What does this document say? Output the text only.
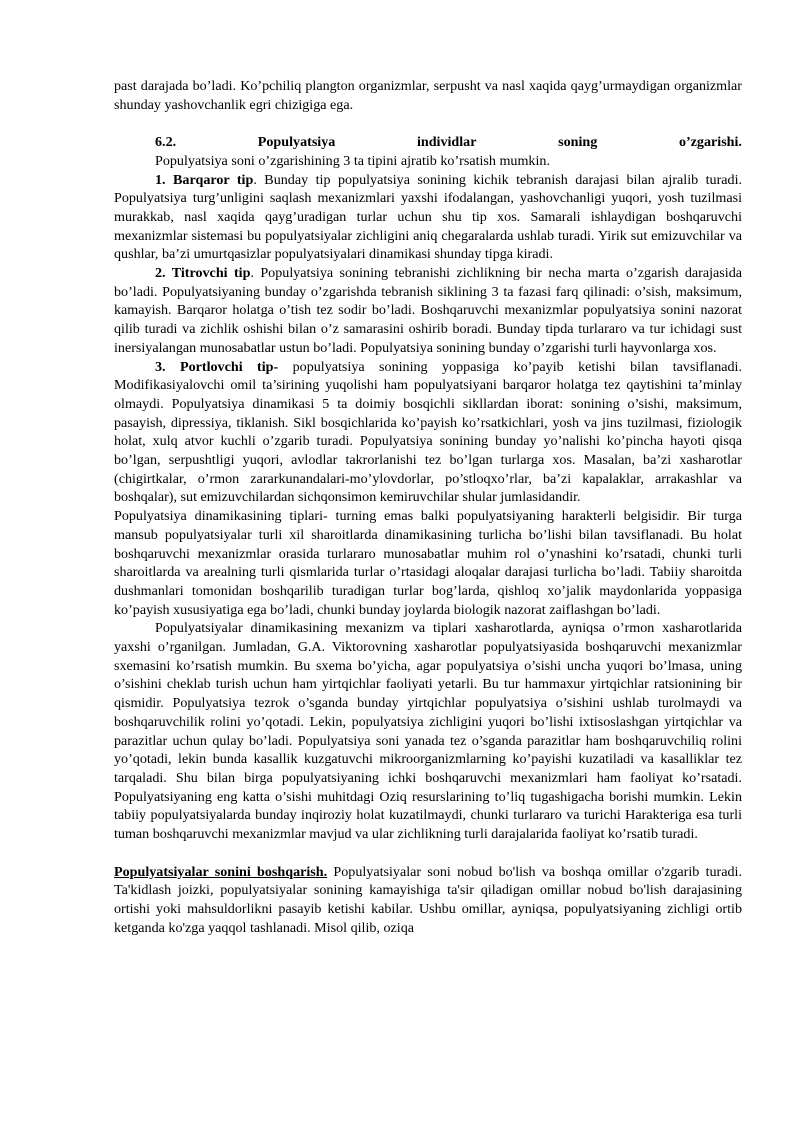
past darajada bo’ladi. Ko’pchiliq plangton organizmlar, serpusht va nasl xaqida qayg’urmaydigan organizmlar shunday yashovchanlik egri chizigiga ega.

6.2.	Populyatsiya	individlar	soning	o’zgarishi.

Populyatsiya soni o’zgarishining 3 ta tipini ajratib ko’rsatish mumkin.

1. Barqaror tip. Bunday tip populyatsiya sonining kichik tebranish darajasi bilan ajralib turadi. Populyatsiya turg’unligini saqlash mexanizmlari yaxshi ifodalangan, yashovchanligi yuqori, yosh tuzilmasi murakkab, nasl xaqida qayg’uradigan turlar uchun shu tip xos. Samarali ishlaydigan boshqaruvchi mexanizmlar sistemasi bu populyatsiyalar zichligini aniq chegaralarda ushlab turadi. Yirik sut emizuvchilar va qushlar, ba’zi umurtqasizlar populyatsiyalari dinamikasi shunday tipga kiradi.

2. Titrovchi tip. Populyatsiya sonining tebranishi zichlikning bir necha marta o’zgarish darajasida bo’ladi. Populyatsiyaning bunday o’zgarishda tebranish siklining 3 ta fazasi farq qilinadi: o’sish, maksimum, kamayish. Barqaror holatga o’tish tez sodir bo’ladi. Boshqaruvchi mexanizmlar populyatsiya sonini nazorat qilib turadi va zichlik oshishi bilan o’z samarasini oshirib boradi. Bunday tipda turlararo va tur ichidagi sust inersiyalangan munosabatlar ustun bo’ladi. Populyatsiya sonining bunday o’zgarishi turli hayvonlarga xos.

3. Portlovchi tip- populyatsiya sonining yoppasiga ko’payib ketishi bilan tavsiflanadi. Modifikasiyalovchi omil ta’sirining yuqolishi ham populyatsiyani barqaror holatga tez qaytishini ta’minlay olmaydi. Populyatsiya dinamikasi 5 ta doimiy bosqichli sikllardan iborat: sonining o’sishi, maksimum, pasayish, dipressiya, tiklanish. Sikl bosqichlarida ko’payish ko’rsatkichlari, yosh va jins tuzilmasi, fiziologik holat, xulq atvor kuchli o’zgarib turadi. Populyatsiya sonining bunday yo’nalishi ko’pincha hayoti qisqa bo’lgan, serpushtligi yuqori, avlodlar takrorlanishi tez bo’lgan turlarga xos. Masalan, ba’zi xasharotlar (chigirtkalar, o’rmon zararkunandalari-mo’ylovdorlar, po’stloqxo’rlar, ba’zi kapalaklar, arrakashlar va boshqalar), sut emizuvchilardan sichqonsimon kemiruvchilar shular jumlasidandir.

Populyatsiya dinamikasining tiplari- turning emas balki populyatsiyaning harakterli belgisidir. Bir turga mansub populyatsiyalar turli xil sharoitlarda dinamikasining turlicha bo’lishi bilan tavsiflanadi. Bu holat boshqaruvchi mexanizmlar orasida turlararo munosabatlar muhim rol o’ynashini ko’rsatadi, chunki turli sharoitlarda va arealning turli qismlarida turlar o’rtasidagi aloqalar darajasi turlicha bo’ladi. Tabiiy sharoitda dushmanlari tomonidan boshqarilib turadigan turlar bog’larda, qishloq xo’jalik maydonlarida yoppasiga ko’payish xususiyatiga ega bo’ladi, chunki bunday joylarda biologik nazorat zaiflashgan bo’ladi.

Populyatsiyalar dinamikasining mexanizm va tiplari xasharotlarda, ayniqsa o’rmon xasharotlarida yaxshi o’rganilgan. Jumladan, G.A. Viktorovning xasharotlar populyatsiyasida boshqaruvchi mexanizmlar sxemasini ko’rsatish mumkin. Bu sxema bo’yicha, agar populyatsiya o’sishi uncha yuqori bo’lmasa, uning o’sishini cheklab turish uchun ham yirtqichlar faoliyati yetarli. Bu tur hammaxur yirtqichlar ratsionining bir qismidir. Populyatsiya tezrok o’sganda bunday yirtqichlar populyatsiya o’sishini ushlab turolmaydi va boshqaruvchilik rolini yo’qotadi. Lekin, populyatsiya zichligini yuqori bo’lishi ixtisoslashgan yirtqichlar va parazitlar uchun qulay bo’ladi. Populyatsiya soni yanada tez o’sganda parazitlar ham boshqaruvchiliq rolini yo’qotadi, lekin bunda kasallik kuzgatuvchi mikroorganizmlarning ko’payishi kuzatiladi va kasalliklar tez tarqaladi. Shu bilan birga populyatsiyaning ichki boshqaruvchi mexanizmlari ham faoliyat ko’rsatadi. Populyatsiyaning eng katta o’sishi muhitdagi Oziq resurslarining to’liq tugashigacha borishi mumkin. Lekin tabiiy populyatsiyalarda bunday inqiroziy holat kuzatilmaydi, chunki turlararo va turichi Harakteriga esa turli tuman boshqaruvchi mexanizmlar mavjud va ular zichlikning turli darajalarida faoliyat ko’rsatib turadi.

Populyatsiyalar sonini boshqarish. Populyatsiyalar soni nobud bo'lish va boshqa omillar o'zgarib turadi. Ta'kidlash joizki, populyatsiyalar sonining kamayishiga ta'sir qiladigan omillar nobud bo'lish darajasining ortishi yoki mahsuldorlikni pasayib ketishi kabilar. Ushbu omillar, ayniqsa, populyatsiyaning zichligi ortib ketganda ko'zga yaqqol tashlanadi. Misol qilib, oziqa
